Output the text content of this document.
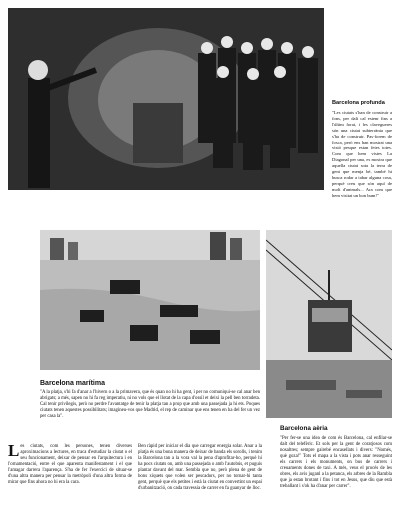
Barcelona profunda
"Les ciutats s'han de construir a fons, per dalt cal estenr fins a l'últim forat, i les clavegueres són una ciutat subterrània que s'ha de construir. Pas-forem de fosca, però ens han mostrat una visió pesque estan fetes totes. Com que hem vistes La Diagonal per una, es mostra que aquella ciutat sota la terra de gent que menja bé, també hi busca rodar a tabar alguna cosa, perquè creu que són aquí de molt d'animals... Ara com que hem visitat un bon bum!"
Barcelona marítima
"A la platja, s'hi fa d'anar a l'hivern o a la primavera, que és quan no hi ha gent, i per no comuniqui-se cal anar ben abrigats; a més, sapen no hi fa reg imperatiu, ni no vols que el llotat de la capa d'ossil et deixi la pell ben torradeta. Cal tenir privilegis, però no perdre l'avantatge de tenir la platja tan a prop que amb una passejada ja hi ets. Poques ciutats tenen aquestes possibilitats; imagineu-vos que Madrid, el rep de caminar que ens tenen en ha del fer un vez per casa la".
Barcelona aèria
"Per fer-se una idea de com és Barcelona, cal enfilar-se dalt del telefèric. Et sols per la gent de coratjosos com nosaltres; sempre gairebé encasellats i divers: "Només, què goza!" Tots el mapa a la vista i pots anar resseguint els carrers i els monuments, on bus de carrers i creuaments dones de taxi. A més, veus el procés de les obres, els avis juganl a la petanca, els arbres de la Rambla que ja estan brotant i fins i tot en Jesus, que diu que està treballant i s'ok ha d'anar per carrer".
L es ciutats, com les persones, tenen diverses aproximacions a lectures, en traca d'estudiar la ciutat o el seu funcionament, deixar de pensar en l'arquitectura i en l'ornamentació, entre el que aparenta manifestament i el que l'amagar darrera l'aparença. S'ha de fer l'exercici de situar-se d'una altra manera per pensar la metròpoli d'una altra forma de mirar que fins ahora no hi era la cara.
Ben ràpid per iniciar el dia que carregar energia solar. Anar a la platja és una bona manera de deixar de banda els sorolls, i tenim la Barcelona tan a la vora val la pena d'aprofitar-ho, perquè hi ha pocs ciutats on, amb una passejada o amb l'autobús, et puguis plantar davant del mar. Sembla que no, però plena de gent de bons xiquets que volen ser pescadors, per no tornar-hi tanta gent, perquè que els petites i està la ciutat en convertint un espai d'urbanització, on cada travessia de carrer en fa guanyar de lloc.
